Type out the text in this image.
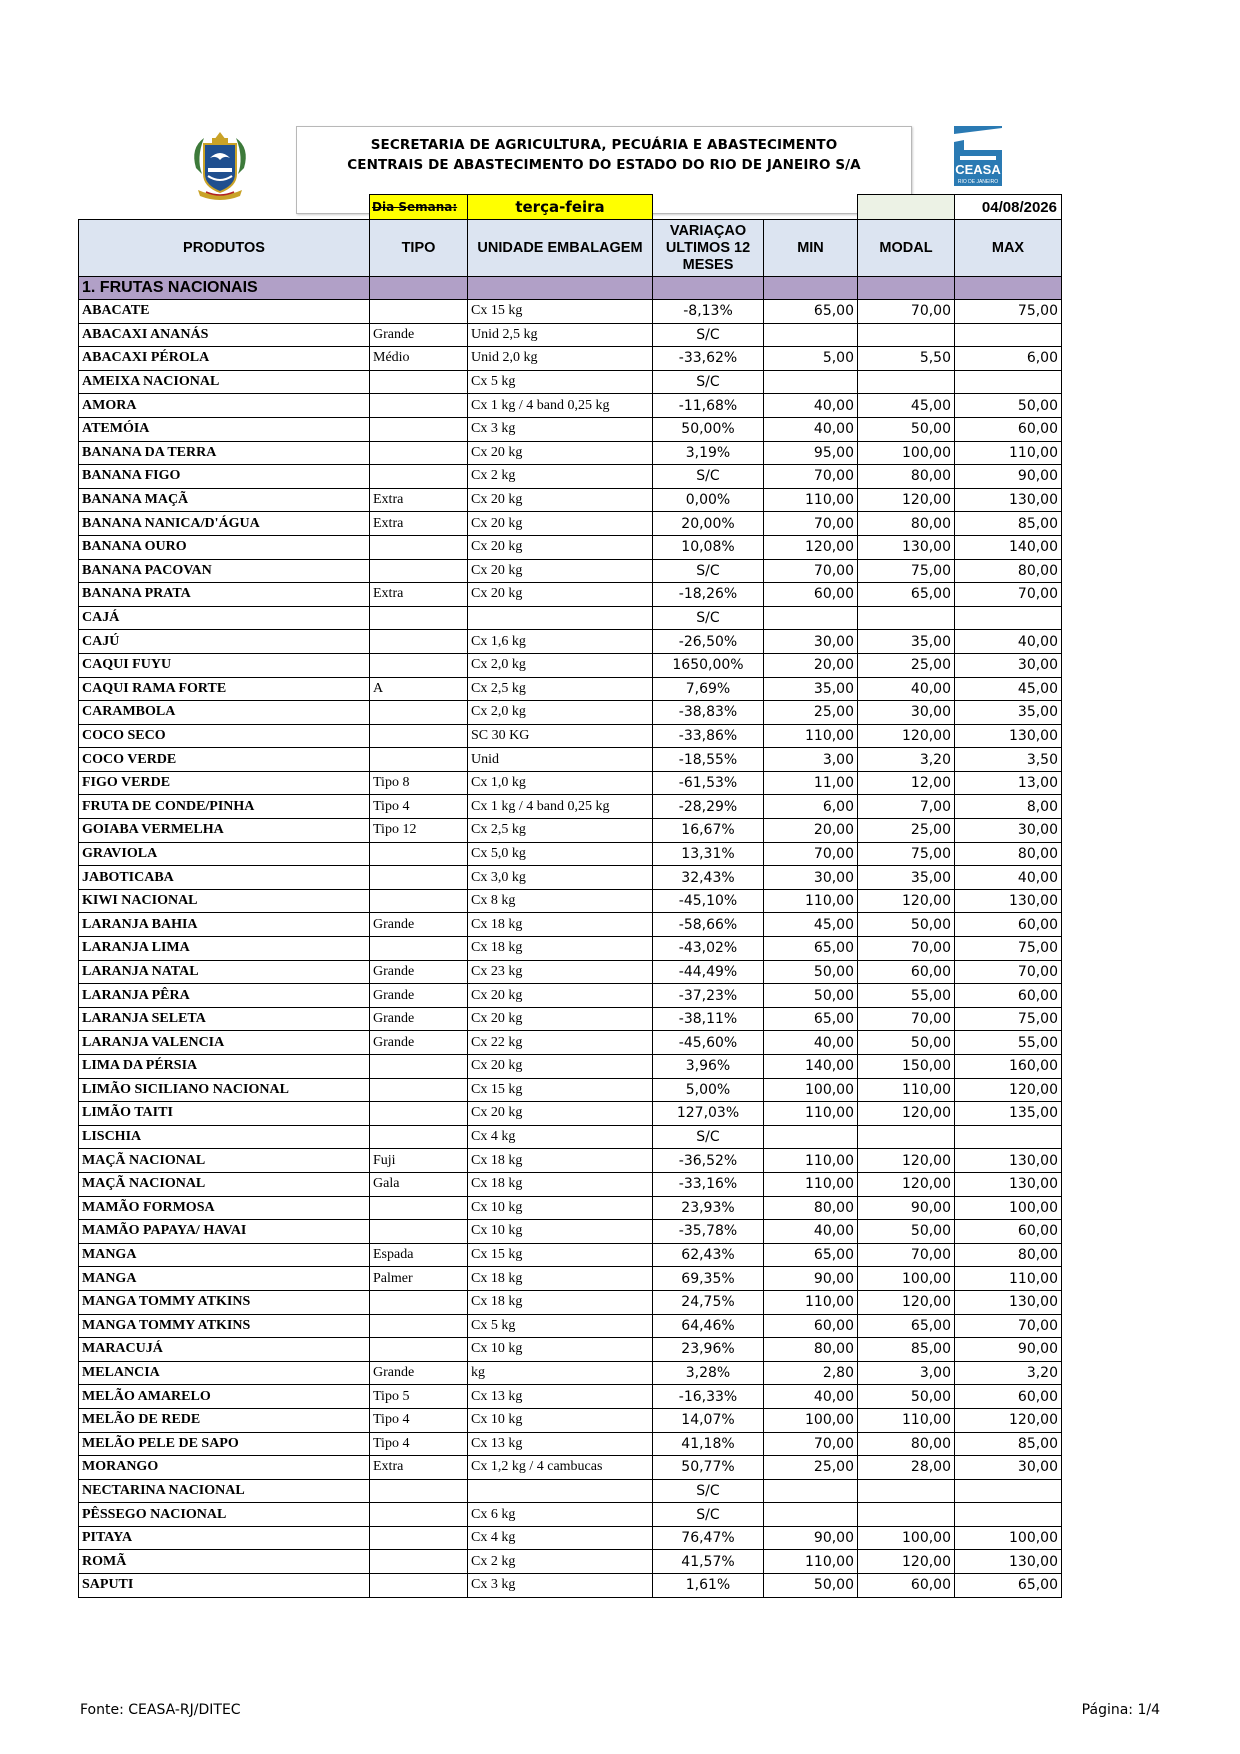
SECRETARIA DE AGRICULTURA, PECUÁRIA E ABASTECIMENTO
CENTRAIS DE ABASTECIMENTO DO ESTADO DO RIO DE JANEIRO S/A	CEASA
RIO DE JANEIRO
	Dia Semana:	terça-feira				04/08/2026
PRODUTOS	TIPO	UNIDADE EMBALAGEM	VARIAÇAO ULTIMOS 12 MESES	MIN	MODAL	MAX
1. FRUTAS NACIONAIS						
ABACATE		Cx 15 kg	-8,13%	65,00	70,00	75,00
ABACAXI ANANÁS	Grande	Unid 2,5 kg	S/C			
ABACAXI PÉROLA	Médio	Unid 2,0 kg	-33,62%	5,00	5,50	6,00
AMEIXA NACIONAL		Cx 5 kg	S/C			
AMORA		Cx 1 kg / 4 band 0,25 kg	-11,68%	40,00	45,00	50,00
ATEMÓIA		Cx 3 kg	50,00%	40,00	50,00	60,00
BANANA DA TERRA		Cx 20 kg	3,19%	95,00	100,00	110,00
BANANA FIGO		Cx 2 kg	S/C	70,00	80,00	90,00
BANANA MAÇÃ	Extra	Cx 20 kg	0,00%	110,00	120,00	130,00
BANANA NANICA/D'ÁGUA	Extra	Cx 20 kg	20,00%	70,00	80,00	85,00
BANANA OURO		Cx 20 kg	10,08%	120,00	130,00	140,00
BANANA PACOVAN		Cx 20 kg	S/C	70,00	75,00	80,00
BANANA PRATA	Extra	Cx 20 kg	-18,26%	60,00	65,00	70,00
CAJÁ			S/C			
CAJÚ		Cx 1,6 kg	-26,50%	30,00	35,00	40,00
CAQUI FUYU		Cx 2,0 kg	1650,00%	20,00	25,00	30,00
CAQUI RAMA FORTE	A	Cx 2,5 kg	7,69%	35,00	40,00	45,00
CARAMBOLA		Cx 2,0 kg	-38,83%	25,00	30,00	35,00
COCO SECO		SC 30 KG	-33,86%	110,00	120,00	130,00
COCO VERDE		Unid	-18,55%	3,00	3,20	3,50
FIGO VERDE	Tipo 8	Cx 1,0 kg	-61,53%	11,00	12,00	13,00
FRUTA DE CONDE/PINHA	Tipo 4	Cx 1 kg / 4 band 0,25 kg	-28,29%	6,00	7,00	8,00
GOIABA VERMELHA	Tipo 12	Cx 2,5 kg	16,67%	20,00	25,00	30,00
GRAVIOLA		Cx 5,0 kg	13,31%	70,00	75,00	80,00
JABOTICABA		Cx 3,0 kg	32,43%	30,00	35,00	40,00
KIWI NACIONAL		Cx 8 kg	-45,10%	110,00	120,00	130,00
LARANJA BAHIA	Grande	Cx 18 kg	-58,66%	45,00	50,00	60,00
LARANJA LIMA		Cx 18 kg	-43,02%	65,00	70,00	75,00
LARANJA NATAL	Grande	Cx 23 kg	-44,49%	50,00	60,00	70,00
LARANJA PÊRA	Grande	Cx 20 kg	-37,23%	50,00	55,00	60,00
LARANJA SELETA	Grande	Cx 20 kg	-38,11%	65,00	70,00	75,00
LARANJA VALENCIA	Grande	Cx 22 kg	-45,60%	40,00	50,00	55,00
LIMA DA PÉRSIA		Cx 20 kg	3,96%	140,00	150,00	160,00
LIMÃO SICILIANO NACIONAL		Cx 15 kg	5,00%	100,00	110,00	120,00
LIMÃO TAITI		Cx 20 kg	127,03%	110,00	120,00	135,00
LISCHIA		Cx 4 kg	S/C			
MAÇÃ NACIONAL	Fuji	Cx 18 kg	-36,52%	110,00	120,00	130,00
MAÇÃ NACIONAL	Gala	Cx 18 kg	-33,16%	110,00	120,00	130,00
MAMÃO FORMOSA		Cx 10 kg	23,93%	80,00	90,00	100,00
MAMÃO PAPAYA/ HAVAI		Cx 10 kg	-35,78%	40,00	50,00	60,00
MANGA	Espada	Cx 15 kg	62,43%	65,00	70,00	80,00
MANGA	Palmer	Cx 18 kg	69,35%	90,00	100,00	110,00
MANGA TOMMY ATKINS		Cx 18 kg	24,75%	110,00	120,00	130,00
MANGA TOMMY ATKINS		Cx 5 kg	64,46%	60,00	65,00	70,00
MARACUJÁ		Cx 10 kg	23,96%	80,00	85,00	90,00
MELANCIA	Grande	kg	3,28%	2,80	3,00	3,20
MELÃO AMARELO	Tipo 5	Cx 13 kg	-16,33%	40,00	50,00	60,00
MELÃO DE REDE	Tipo 4	Cx 10 kg	14,07%	100,00	110,00	120,00
MELÃO PELE DE SAPO	Tipo 4	Cx 13 kg	41,18%	70,00	80,00	85,00
MORANGO	Extra	Cx 1,2 kg / 4 cambucas	50,77%	25,00	28,00	30,00
NECTARINA NACIONAL			S/C			
PÊSSEGO NACIONAL		Cx 6 kg	S/C			
PITAYA		Cx 4 kg	76,47%	90,00	100,00	100,00
ROMÃ		Cx 2 kg	41,57%	110,00	120,00	130,00
SAPUTI		Cx 3 kg	1,61%	50,00	60,00	65,00
Fonte: CEASA-RJ/DITEC	Página: 1/4
